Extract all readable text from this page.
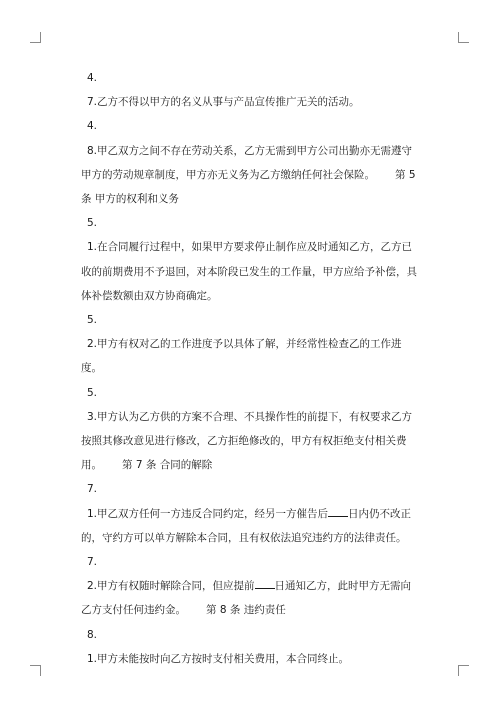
4.

7.乙方不得以甲方的名义从事与产品宣传推广无关的活动。

4.

8.甲乙双方之间不存在劳动关系，乙方无需到甲方公司出勤亦无需遵守甲方的劳动规章制度，甲方亦无义务为乙方缴纳任何社会保险。 第 5 条 甲方的权利和义务

5.

1.在合同履行过程中，如果甲方要求停止制作应及时通知乙方，乙方已收的前期费用不予退回，对本阶段已发生的工作量，甲方应给予补偿，具体补偿数额由双方协商确定。

5.

2.甲方有权对乙的工作进度予以具体了解，并经常性检查乙的工作进度。

5.

3.甲方认为乙方供的方案不合理、不具操作性的前提下，有权要求乙方按照其修改意见进行修改，乙方拒绝修改的，甲方有权拒绝支付相关费用。 第 7 条 合同的解除

7.

1.甲乙双方任何一方违反合同约定，经另一方催告后 日内仍不改正的，守约方可以单方解除本合同，且有权依法追究违约方的法律责任。

7.

2.甲方有权随时解除合同，但应提前 日通知乙方，此时甲方无需向乙方支付任何违约金。 第 8 条 违约责任

8.

1.甲方未能按时向乙方按时支付相关费用，本合同终止。
